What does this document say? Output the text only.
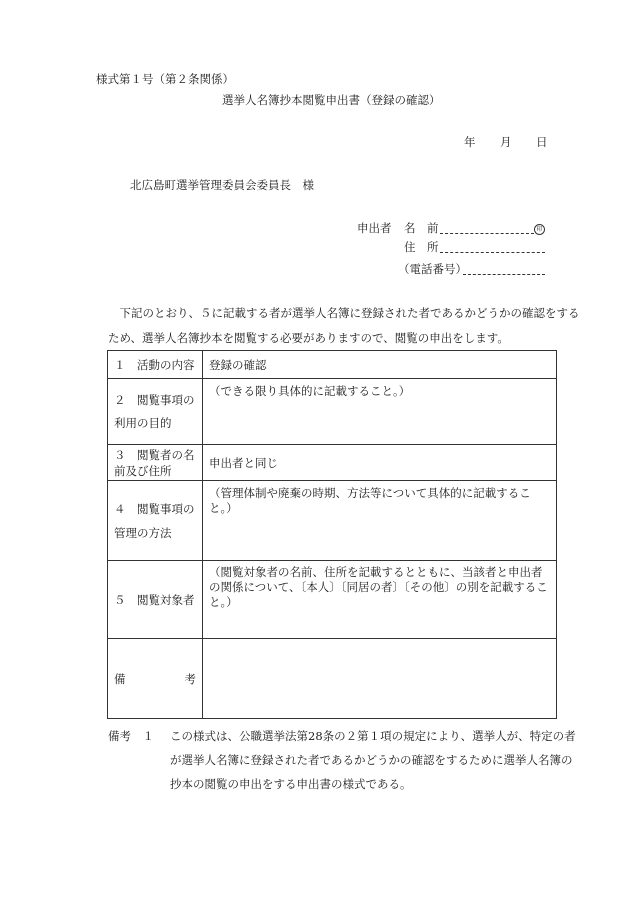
様式第１号（第２条関係）
選挙人名簿抄本閲覧申出書（登録の確認）
年 月 日
北広島町選挙管理委員会委員長　様
申出者 名　前	印
住　所
（電話番号）
下記のとおり、５に記載する者が選挙人名簿に登録された者であるかどうかの確認をするため、選挙人名簿抄本を閲覧する必要がありますので、閲覧の申出をします。
１　活動の内容	登録の確認
２　閲覧事項の利用の目的	（できる限り具体的に記載すること。）
３　閲覧者の名前及び住所	申出者と同じ
４　閲覧事項の管理の方法	（管理体制や廃棄の時期、方法等について具体的に記載すること。）
５　閲覧対象者	（閲覧対象者の名前、住所を記載するとともに、当該者と申出者の関係について、〔本人〕〔同居の者〕〔その他〕の別を記載すること。）
備 考	

備考　１ この様式は、公職選挙法第28条の２第１項の規定により、選挙人が、特定の者が選挙人名簿に登録された者であるかどうかの確認をするために選挙人名簿の抄本の閲覧の申出をする申出書の様式である。
